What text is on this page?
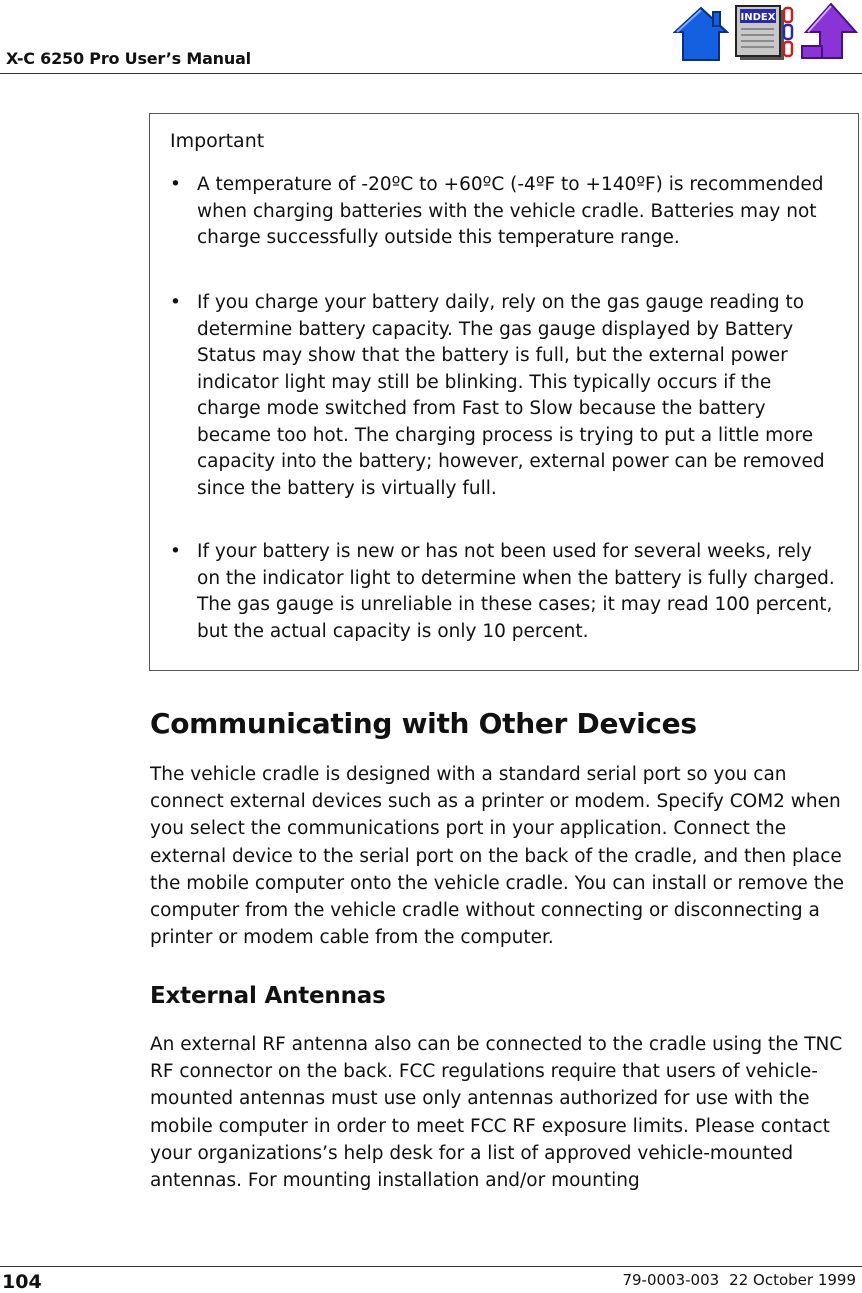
X-C 6250 Pro User’s Manual
INDEX
Important
• A temperature of -20ºC to +60ºC (-4ºF to +140ºF) is recommended when charging batteries with the vehicle cradle. Batteries may not charge successfully outside this temperature range.
• If you charge your battery daily, rely on the gas gauge reading to determine battery capacity. The gas gauge displayed by Battery Status may show that the battery is full, but the external power indicator light may still be blinking. This typically occurs if the charge mode switched from Fast to Slow because the battery became too hot. The charging process is trying to put a little more capacity into the battery; however, external power can be removed since the battery is virtually full.
• If your battery is new or has not been used for several weeks, rely on the indicator light to determine when the battery is fully charged. The gas gauge is unreliable in these cases; it may read 100 percent, but the actual capacity is only 10 percent.
Communicating with Other Devices
The vehicle cradle is designed with a standard serial port so you can connect external devices such as a printer or modem. Specify COM2 when you select the communications port in your application. Connect the external device to the serial port on the back of the cradle, and then place the mobile computer onto the vehicle cradle. You can install or remove the computer from the vehicle cradle without connecting or disconnecting a printer or modem cable from the computer.
External Antennas
An external RF antenna also can be connected to the cradle using the TNC RF connector on the back. FCC regulations require that users of vehicle-mounted antennas must use only antennas authorized for use with the mobile computer in order to meet FCC RF exposure limits. Please contact your organizations’s help desk for a list of approved vehicle-mounted antennas. For mounting installation and/or mounting
104	79-0003-003 22 October 1999
